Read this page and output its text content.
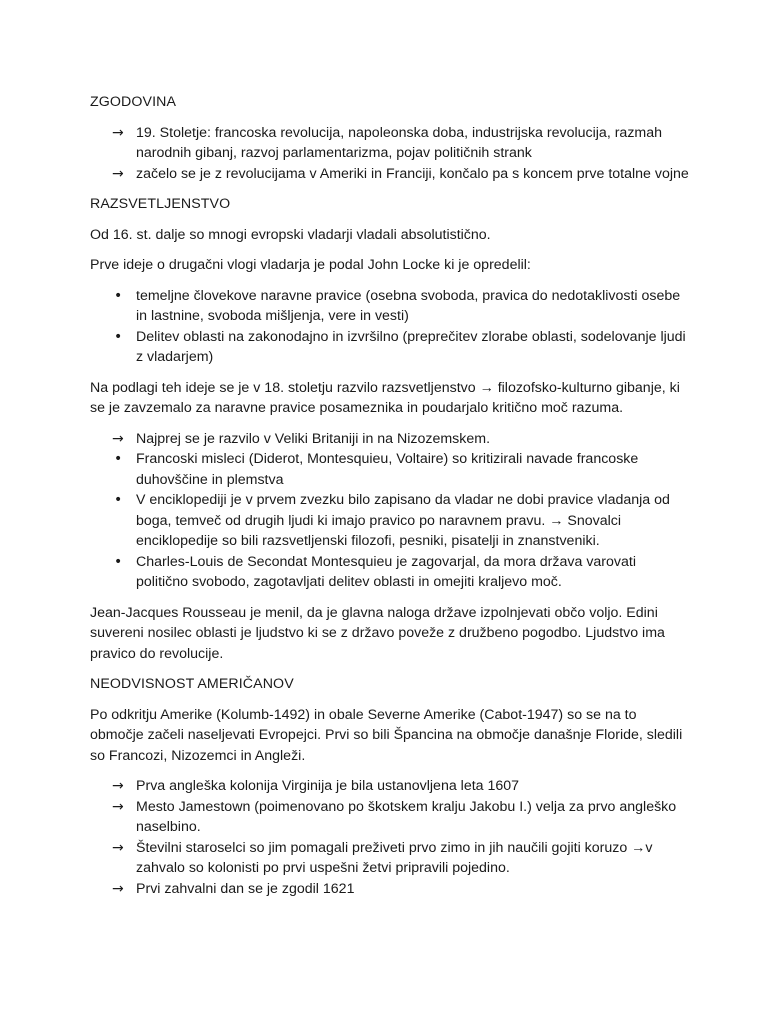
ZGODOVINA
→ 19. Stoletje: francoska revolucija, napoleonska doba, industrijska revolucija, razmah narodnih gibanj, razvoj parlamentarizma, pojav političnih strank
→ začelo se je z revolucijama v Ameriki in Franciji, končalo pa s koncem prve totalne vojne
RAZSVETLJENSTVO

Od 16. st. dalje so mnogi evropski vladarji vladali absolutistično.

Prve ideje o drugačni vlogi vladarja je podal John Locke ki je opredelil:

• temeljne človekove naravne pravice (osebna svoboda, pravica do nedotaklivosti osebe in lastnine, svoboda mišljenja, vere in vesti)
• Delitev oblasti na zakonodajno in izvršilno (preprečitev zlorabe oblasti, sodelovanje ljudi z vladarjem)

Na podlagi teh ideje se je v 18. stoletju razvilo razsvetljenstvo → filozofsko-kulturno gibanje, ki se je zavzemalo za naravne pravice posameznika in poudarjalo kritično moč razuma.

→ Najprej se je razvilo v Veliki Britaniji in na Nizozemskem.
• Francoski misleci (Diderot, Montesquieu, Voltaire) so kritizirali navade francoske duhovščine in plemstva
• V enciklopediji je v prvem zvezku bilo zapisano da vladar ne dobi pravice vladanja od boga, temveč od drugih ljudi ki imajo pravico po naravnem pravu. → Snovalci enciklopedije so bili razsvetljenski filozofi, pesniki, pisatelji in znanstveniki.
• Charles-Louis de Secondat Montesquieu je zagovarjal, da mora država varovati politično svobodo, zagotavljati delitev oblasti in omejiti kraljevo moč.

Jean-Jacques Rousseau je menil, da je glavna naloga države izpolnjevati občo voljo. Edini suvereni nosilec oblasti je ljudstvo ki se z državo poveže z družbeno pogodbo. Ljudstvo ima pravico do revolucije.

NEODVISNOST AMERIČANOV

Po odkritju Amerike (Kolumb-1492) in obale Severne Amerike (Cabot-1947) so se na to območje začeli naseljevati Evropejci. Prvi so bili Špancina na območje današnje Floride, sledili so Francozi, Nizozemci in Angleži.

→ Prva angleška kolonija Virginija je bila ustanovljena leta 1607
→ Mesto Jamestown (poimenovano po škotskem kralju Jakobu I.) velja za prvo angleško naselbino.
→ Številni staroselci so jim pomagali preživeti prvo zimo in jih naučili gojiti koruzo →v zahvalo so kolonisti po prvi uspešni žetvi pripravili pojedino.
→ Prvi zahvalni dan se je zgodil 1621
